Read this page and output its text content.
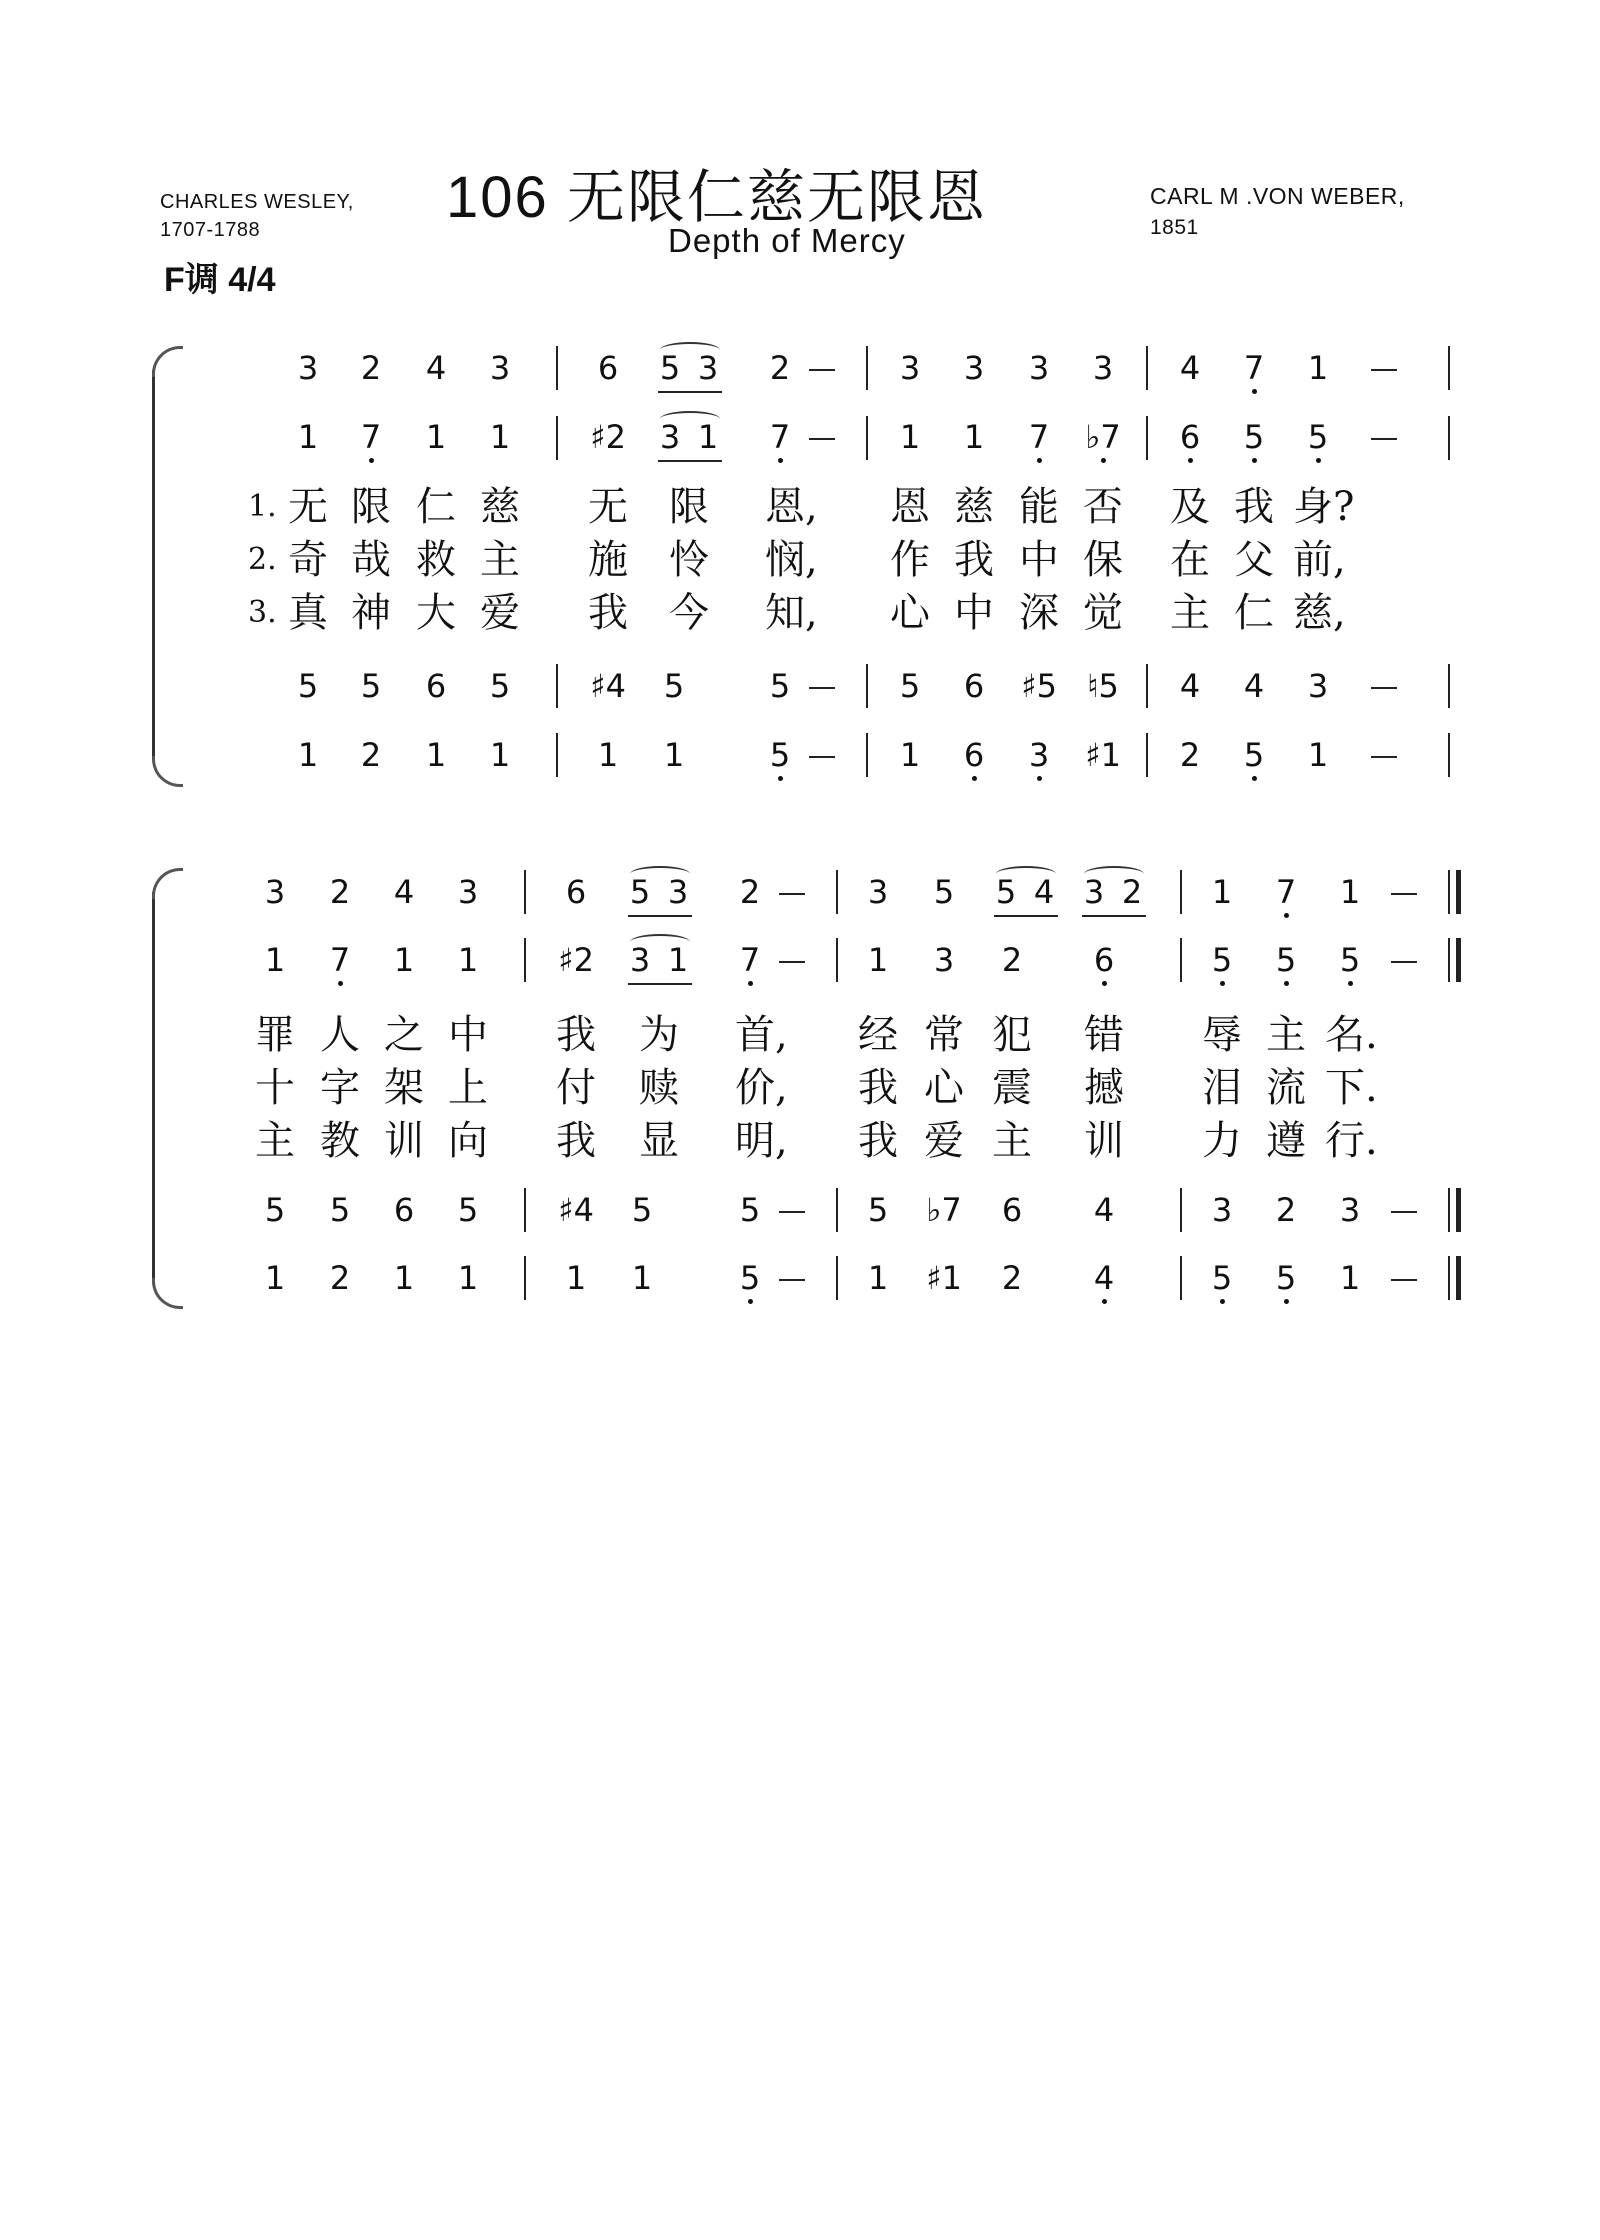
CHARLES WESLEY,
1707-1788	106 无限仁慈无限恩
Depth of Mercy
CARL M .VON WEBER,
1851
F调 4/4
3	2	4	3	6	5 3	2	3	3	3	3	4	7	1
1	7	1	1	♯2	3 1	7	1	1	7	♭7	6	5	5
1. 无 限 仁 慈 无 限 恩,	恩 慈 能 否 及 我 身?
2. 奇 哉 救 主 施 怜 悯,	作 我 中 保 在 父 前,
3. 真 神 大 爱 我 今 知,	心 中 深 觉 主 仁 慈,
5	5	6	5	♯4	5	5	5	6	♯5 ♮5	4	4	3
1	2	1	1	1	1	5	1	6	3	♯1	2	5	1
3	2	4	3	6	5 3	2	3	5	5 4 3 2	1	7	1
1	7	1	1	♯2	3 1	7	1	3	2	6	5	5	5
罪 人 之 中 我 为 首,	经 常 犯 错 辱 主 名.
十 字 架 上 付 赎 价,	我 心 震 撼 泪 流 下.
主 教 训 向 我 显 明,	我 爱 主 训 力 遵 行.
5	5	6	5	♯4	5	5	5	♭7	6	4	3	2	3
1	2	1	1	1	1	5	1	♯1	2	4	5	5	1
